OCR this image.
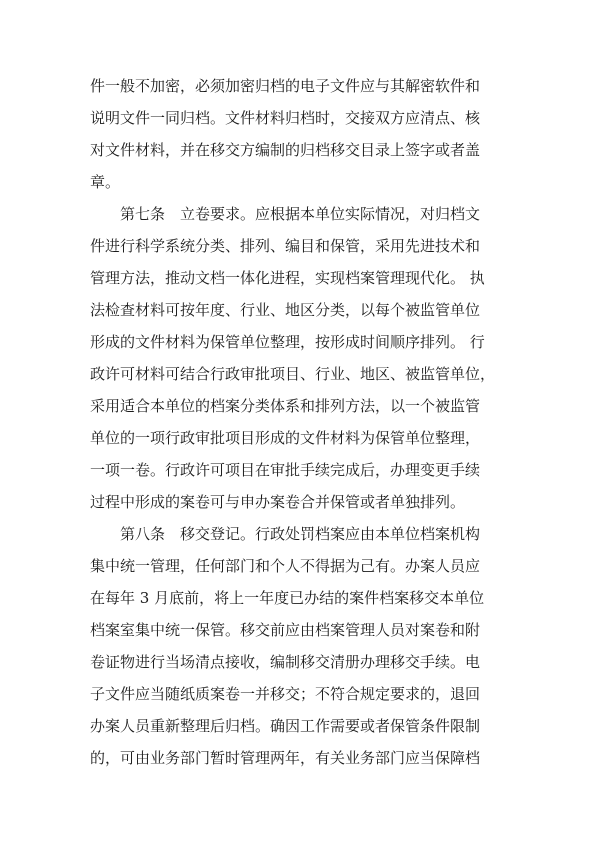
件一般不加密，必须加密归档的电子文件应与其解密软件和
说明文件一同归档。文件材料归档时，交接双方应清点、核
对文件材料，并在移交方编制的归档移交目录上签字或者盖
章。
第七条　立卷要求。应根据本单位实际情况，对归档文
件进行科学系统分类、排列、编目和保管，采用先进技术和
管理方法，推动文档一体化进程，实现档案管理现代化。 执
法检查材料可按年度、行业、地区分类，以每个被监管单位
形成的文件材料为保管单位整理，按形成时间顺序排列。 行
政许可材料可结合行政审批项目、行业、地区、被监管单位，
采用适合本单位的档案分类体系和排列方法，以一个被监管
单位的一项行政审批项目形成的文件材料为保管单位整理，
一项一卷。行政许可项目在审批手续完成后，办理变更手续
过程中形成的案卷可与申办案卷合并保管或者单独排列。
第八条　移交登记。行政处罚档案应由本单位档案机构
集中统一管理，任何部门和个人不得据为己有。办案人员应
在每年 3 月底前，将上一年度已办结的案件档案移交本单位
档案室集中统一保管。移交前应由档案管理人员对案卷和附
卷证物进行当场清点接收，编制移交清册办理移交手续。电
子文件应当随纸质案卷一并移交；不符合规定要求的，退回
办案人员重新整理后归档。确因工作需要或者保管条件限制
的，可由业务部门暂时管理两年，有关业务部门应当保障档
